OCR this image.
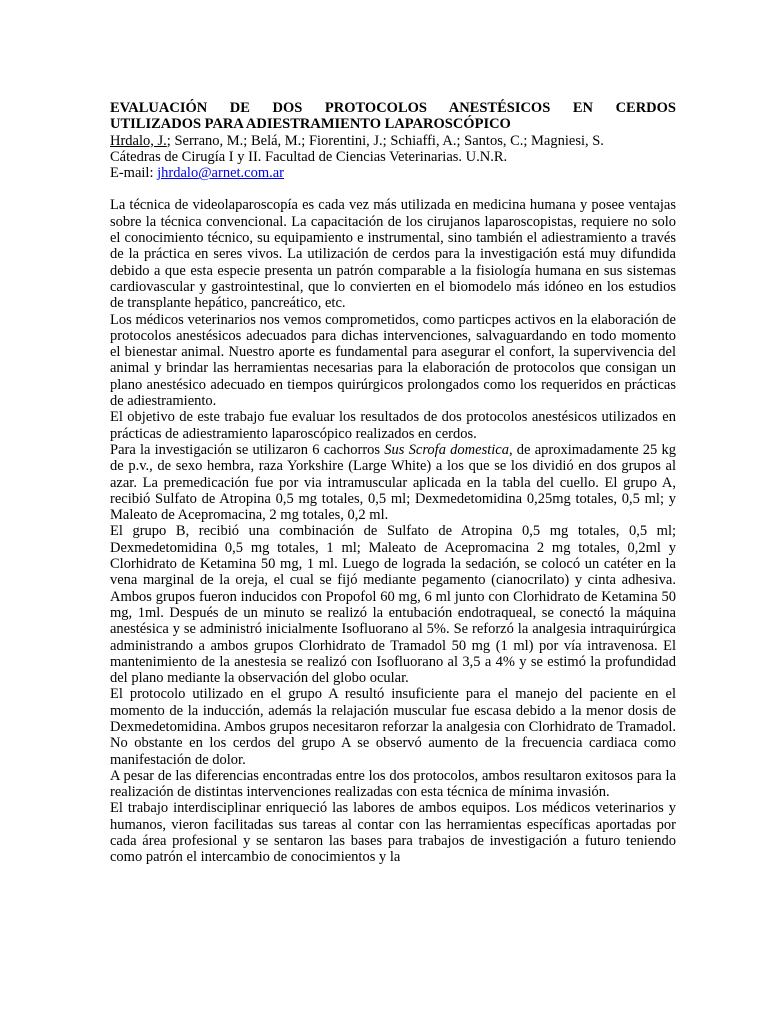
EVALUACIÓN DE DOS PROTOCOLOS ANESTÉSICOS EN CERDOS
UTILIZADOS PARA ADIESTRAMIENTO LAPAROSCÓPICO

Hrdalo, J.; Serrano, M.; Belá, M.; Fiorentini, J.; Schiaffi, A.; Santos, C.; Magniesi, S.

Cátedras de Cirugía I y II. Facultad de Ciencias Veterinarias. U.N.R.

E-mail: jhrdalo@arnet.com.ar

La técnica de videolaparoscopía es cada vez más utilizada en medicina humana y posee ventajas sobre la técnica convencional. La capacitación de los cirujanos laparoscopistas, requiere no solo el conocimiento técnico, su equipamiento e instrumental, sino también el adiestramiento a través de la práctica en seres vivos. La utilización de cerdos para la investigación está muy difundida debido a que esta especie presenta un patrón comparable a la fisiología humana en sus sistemas cardiovascular y gastrointestinal, que lo convierten en el biomodelo más idóneo en los estudios de transplante hepático, pancreático, etc.

Los médicos veterinarios nos vemos comprometidos, como particpes activos en la elaboración de protocolos anestésicos adecuados para dichas intervenciones, salvaguardando en todo momento el bienestar animal. Nuestro aporte es fundamental para asegurar el confort, la supervivencia del animal y brindar las herramientas necesarias para la elaboración de protocolos que consigan un plano anestésico adecuado en tiempos quirúrgicos prolongados como los requeridos en prácticas de adiestramiento.

El objetivo de este trabajo fue evaluar los resultados de dos protocolos anestésicos utilizados en prácticas de adiestramiento laparoscópico realizados en cerdos.

Para la investigación se utilizaron 6 cachorros Sus Scrofa domestica, de aproximadamente 25 kg de p.v., de sexo hembra, raza Yorkshire (Large White) a los que se los dividió en dos grupos al azar. La premedicación fue por via intramuscular aplicada en la tabla del cuello. El grupo A, recibió Sulfato de Atropina 0,5 mg totales, 0,5 ml; Dexmedetomidina 0,25mg totales, 0,5 ml; y Maleato de Acepromacina, 2 mg totales, 0,2 ml.

El grupo B, recibió una combinación de Sulfato de Atropina 0,5 mg totales, 0,5 ml; Dexmedetomidina 0,5 mg totales, 1 ml; Maleato de Acepromacina 2 mg totales, 0,2ml y Clorhidrato de Ketamina 50 mg, 1 ml. Luego de lograda la sedación, se colocó un catéter en la vena marginal de la oreja, el cual se fijó mediante pegamento (cianocrilato) y cinta adhesiva. Ambos grupos fueron inducidos con Propofol 60 mg, 6 ml junto con Clorhidrato de Ketamina 50 mg, 1ml. Después de un minuto se realizó la entubación endotraqueal, se conectó la máquina anestésica y se administró inicialmente Isofluorano al 5%. Se reforzó la analgesia intraquirúrgica administrando a ambos grupos Clorhidrato de Tramadol 50 mg (1 ml) por vía intravenosa. El mantenimiento de la anestesia se realizó con Isofluorano al 3,5 a 4% y se estimó la profundidad del plano mediante la observación del globo ocular.

El protocolo utilizado en el grupo A resultó insuficiente para el manejo del paciente en el momento de la inducción, además la relajación muscular fue escasa debido a la menor dosis de Dexmedetomidina. Ambos grupos necesitaron reforzar la analgesia con Clorhidrato de Tramadol. No obstante en los cerdos del grupo A se observó aumento de la frecuencia cardiaca como manifestación de dolor.

A pesar de las diferencias encontradas entre los dos protocolos, ambos resultaron exitosos para la realización de distintas intervenciones realizadas con esta técnica de mínima invasión.

El trabajo interdisciplinar enriqueció las labores de ambos equipos. Los médicos veterinarios y humanos, vieron facilitadas sus tareas al contar con las herramientas específicas aportadas por cada área profesional y se sentaron las bases para trabajos de investigación a futuro teniendo como patrón el intercambio de conocimientos y la
